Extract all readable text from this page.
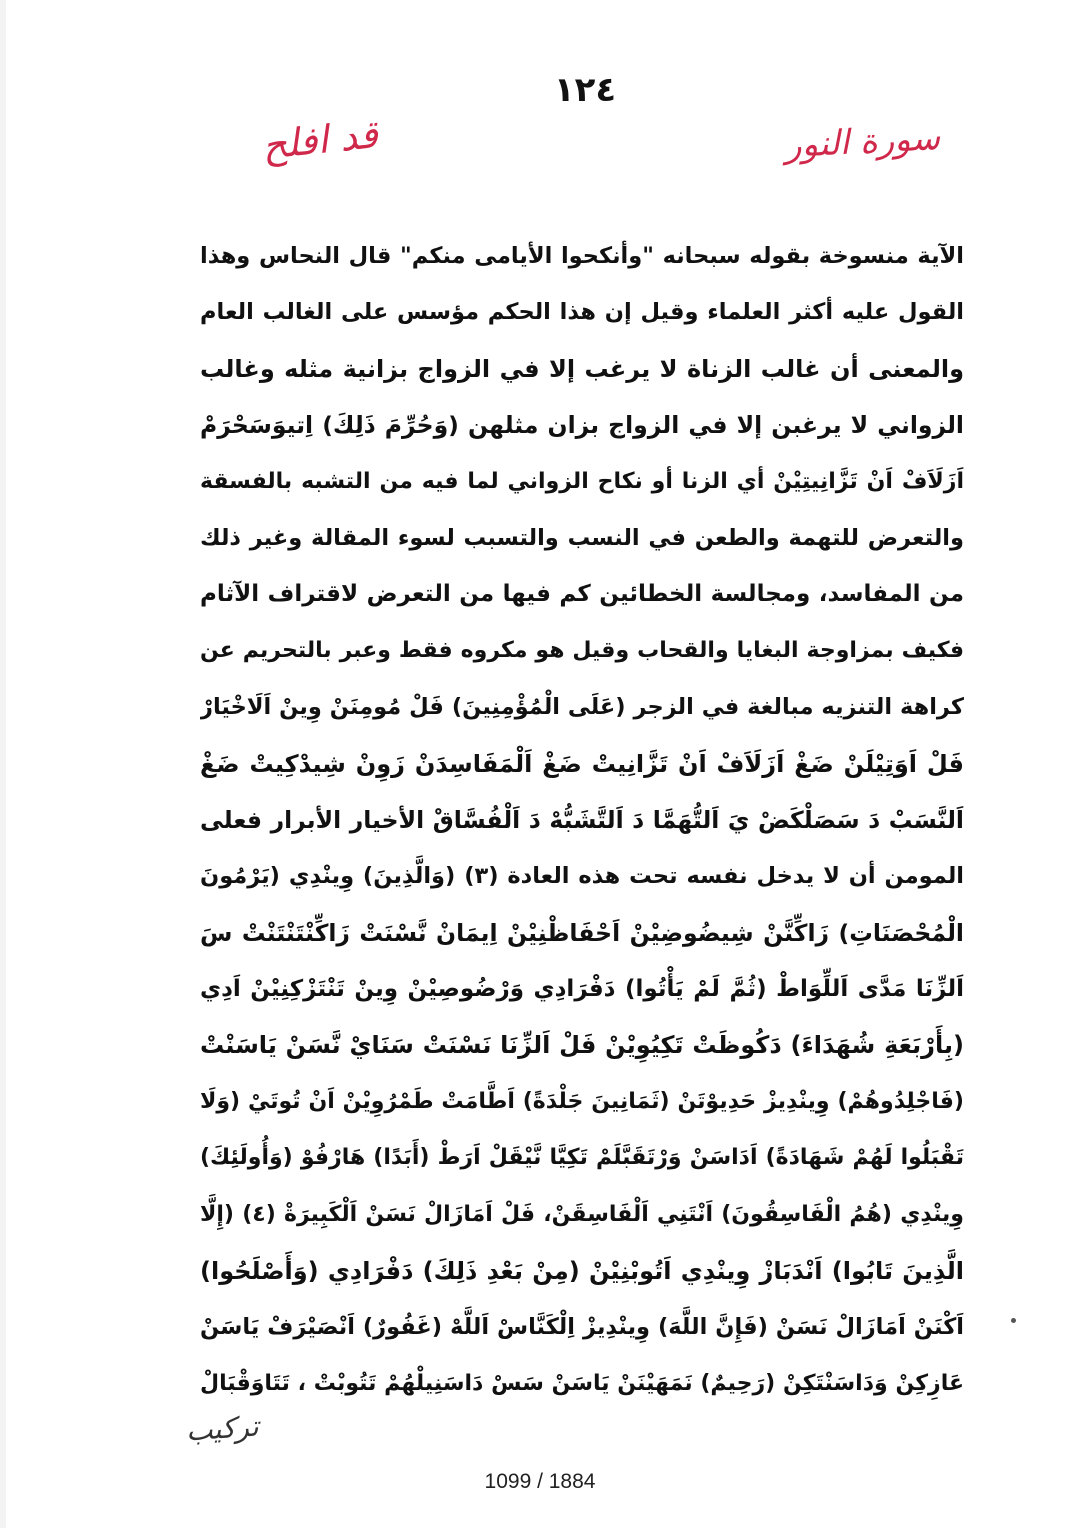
١٢٤
سورة النور
قد افلح
الآية منسوخة بقوله سبحانه "وأنكحوا الأيامى منكم" قال النحاس وهذا
القول عليه أكثر العلماء وقيل إن هذا الحكم مؤسس على الغالب العام
والمعنى أن غالب الزناة لا يرغب إلا في الزواج بزانية مثله وغالب
الزواني لا يرغبن إلا في الزواج بزان مثلهن (وَحُرِّمَ ذَلِكَ) اِتيوَسَحْرَمْ
اَزَلَاَفْ اَنْ تَزَّانِيتِيْنْ أي الزنا أو نكاح الزواني لما فيه من التشبه بالفسقة
والتعرض للتهمة والطعن في النسب والتسبب لسوء المقالة وغير ذلك
من المفاسد، ومجالسة الخطائين كم فيها من التعرض لاقتراف الآثام
فكيف بمزاوجة البغايا والقحاب وقيل هو مكروه فقط وعبر بالتحريم عن
كراهة التنزيه مبالغة في الزجر (عَلَى الْمُؤْمِنِينَ) فَلْ مُومِنَنْ وِينْ اَلَاخْيَارْ
فَلْ اَوَتِيْلَنْ ضَغْ اَزَلَاَفْ اَنْ تَزَّانِيتْ ضَغْ اَلْمَفَاسِدَنْ زَوِنْ شِيدْكِيتْ ضَغْ
اَلنَّسَبْ دَ سَصَلْكَضْ يَ اَلتُّهَمَّا دَ اَلتَّشَبُّهْ دَ اَلْفُسَّاقْ الأخيار الأبرار فعلى
المومن أن لا يدخل نفسه تحت هذه العادة (٣) (وَالَّذِينَ) وِينْدِي (يَرْمُونَ
الْمُحْصَنَاتِ) زَاكِّنَّنْ شِيضُوضِيْنْ اَحْفَاظْنِيْنْ اِيمَانْ نَّسْنَتْ زَاكِّنْتَنْتَنْتْ سَ
اَلزِّنَا مَدَّى اَللِّوَاطْ (ثُمَّ لَمْ يَأْتُوا) دَفْرَادِي وَرْضُوصِيْنْ وِينْ تَنْتَزْكِنِيْنْ اَدِي
(بِأَرْبَعَةِ شُهَدَاءَ) دَكُوظَتْ تَكِيُوِيْنْ فَلْ اَلزِّنَا نَسْنَتْ سَنَايْ نَّسَنْ يَاسَنْتْ
(فَاجْلِدُوهُمْ) وِينْدِيزْ حَدِيوْتَنْ (ثَمَانِينَ جَلْدَةً) اَطَّامَتْ طَمْرُوِيْنْ اَنْ تُوتَيْ (وَلَا
تَقْبَلُوا لَهُمْ شَهَادَةً) اَدَاسَنْ وَرْتَقَبَّلَمْ تَكِيَّا نَّيْقَلْ اَرَطْ (أَبَدًا) هَارْفُوْ (وَأُولَئِكَ)
وِينْدِي (هُمُ الْفَاسِقُونَ) اَنْتَنِي اَلْفَاسِقَنْ، فَلْ اَمَازَالْ نَسَنْ اَلْكَبِيرَةْ (٤) (إِلَّا
الَّذِينَ تَابُوا) اَنْدَبَازْ وِينْدِي اَتُوبْنِيْنْ (مِنْ بَعْدِ ذَلِكَ) دَفْرَادِي (وَأَصْلَحُوا)
اَكْنَنْ اَمَازَالْ نَسَنْ (فَإِنَّ اللَّهَ) وِينْدِيزْ اِلْكَنَّاسْ اَللَّهْ (غَفُورٌ) اَنْصَيْرَفْ يَاسَنْ
عَازِكِنْ وَدَاسَنْتَكِنْ (رَحِيمٌ) نَمَهَيْنَنْ يَاسَنْ سَسْ دَاسَنِيلْهُمْ تَتُوبْتْ ، تَتَاوَقْبَالْ
تركيب
1099 / 1884
